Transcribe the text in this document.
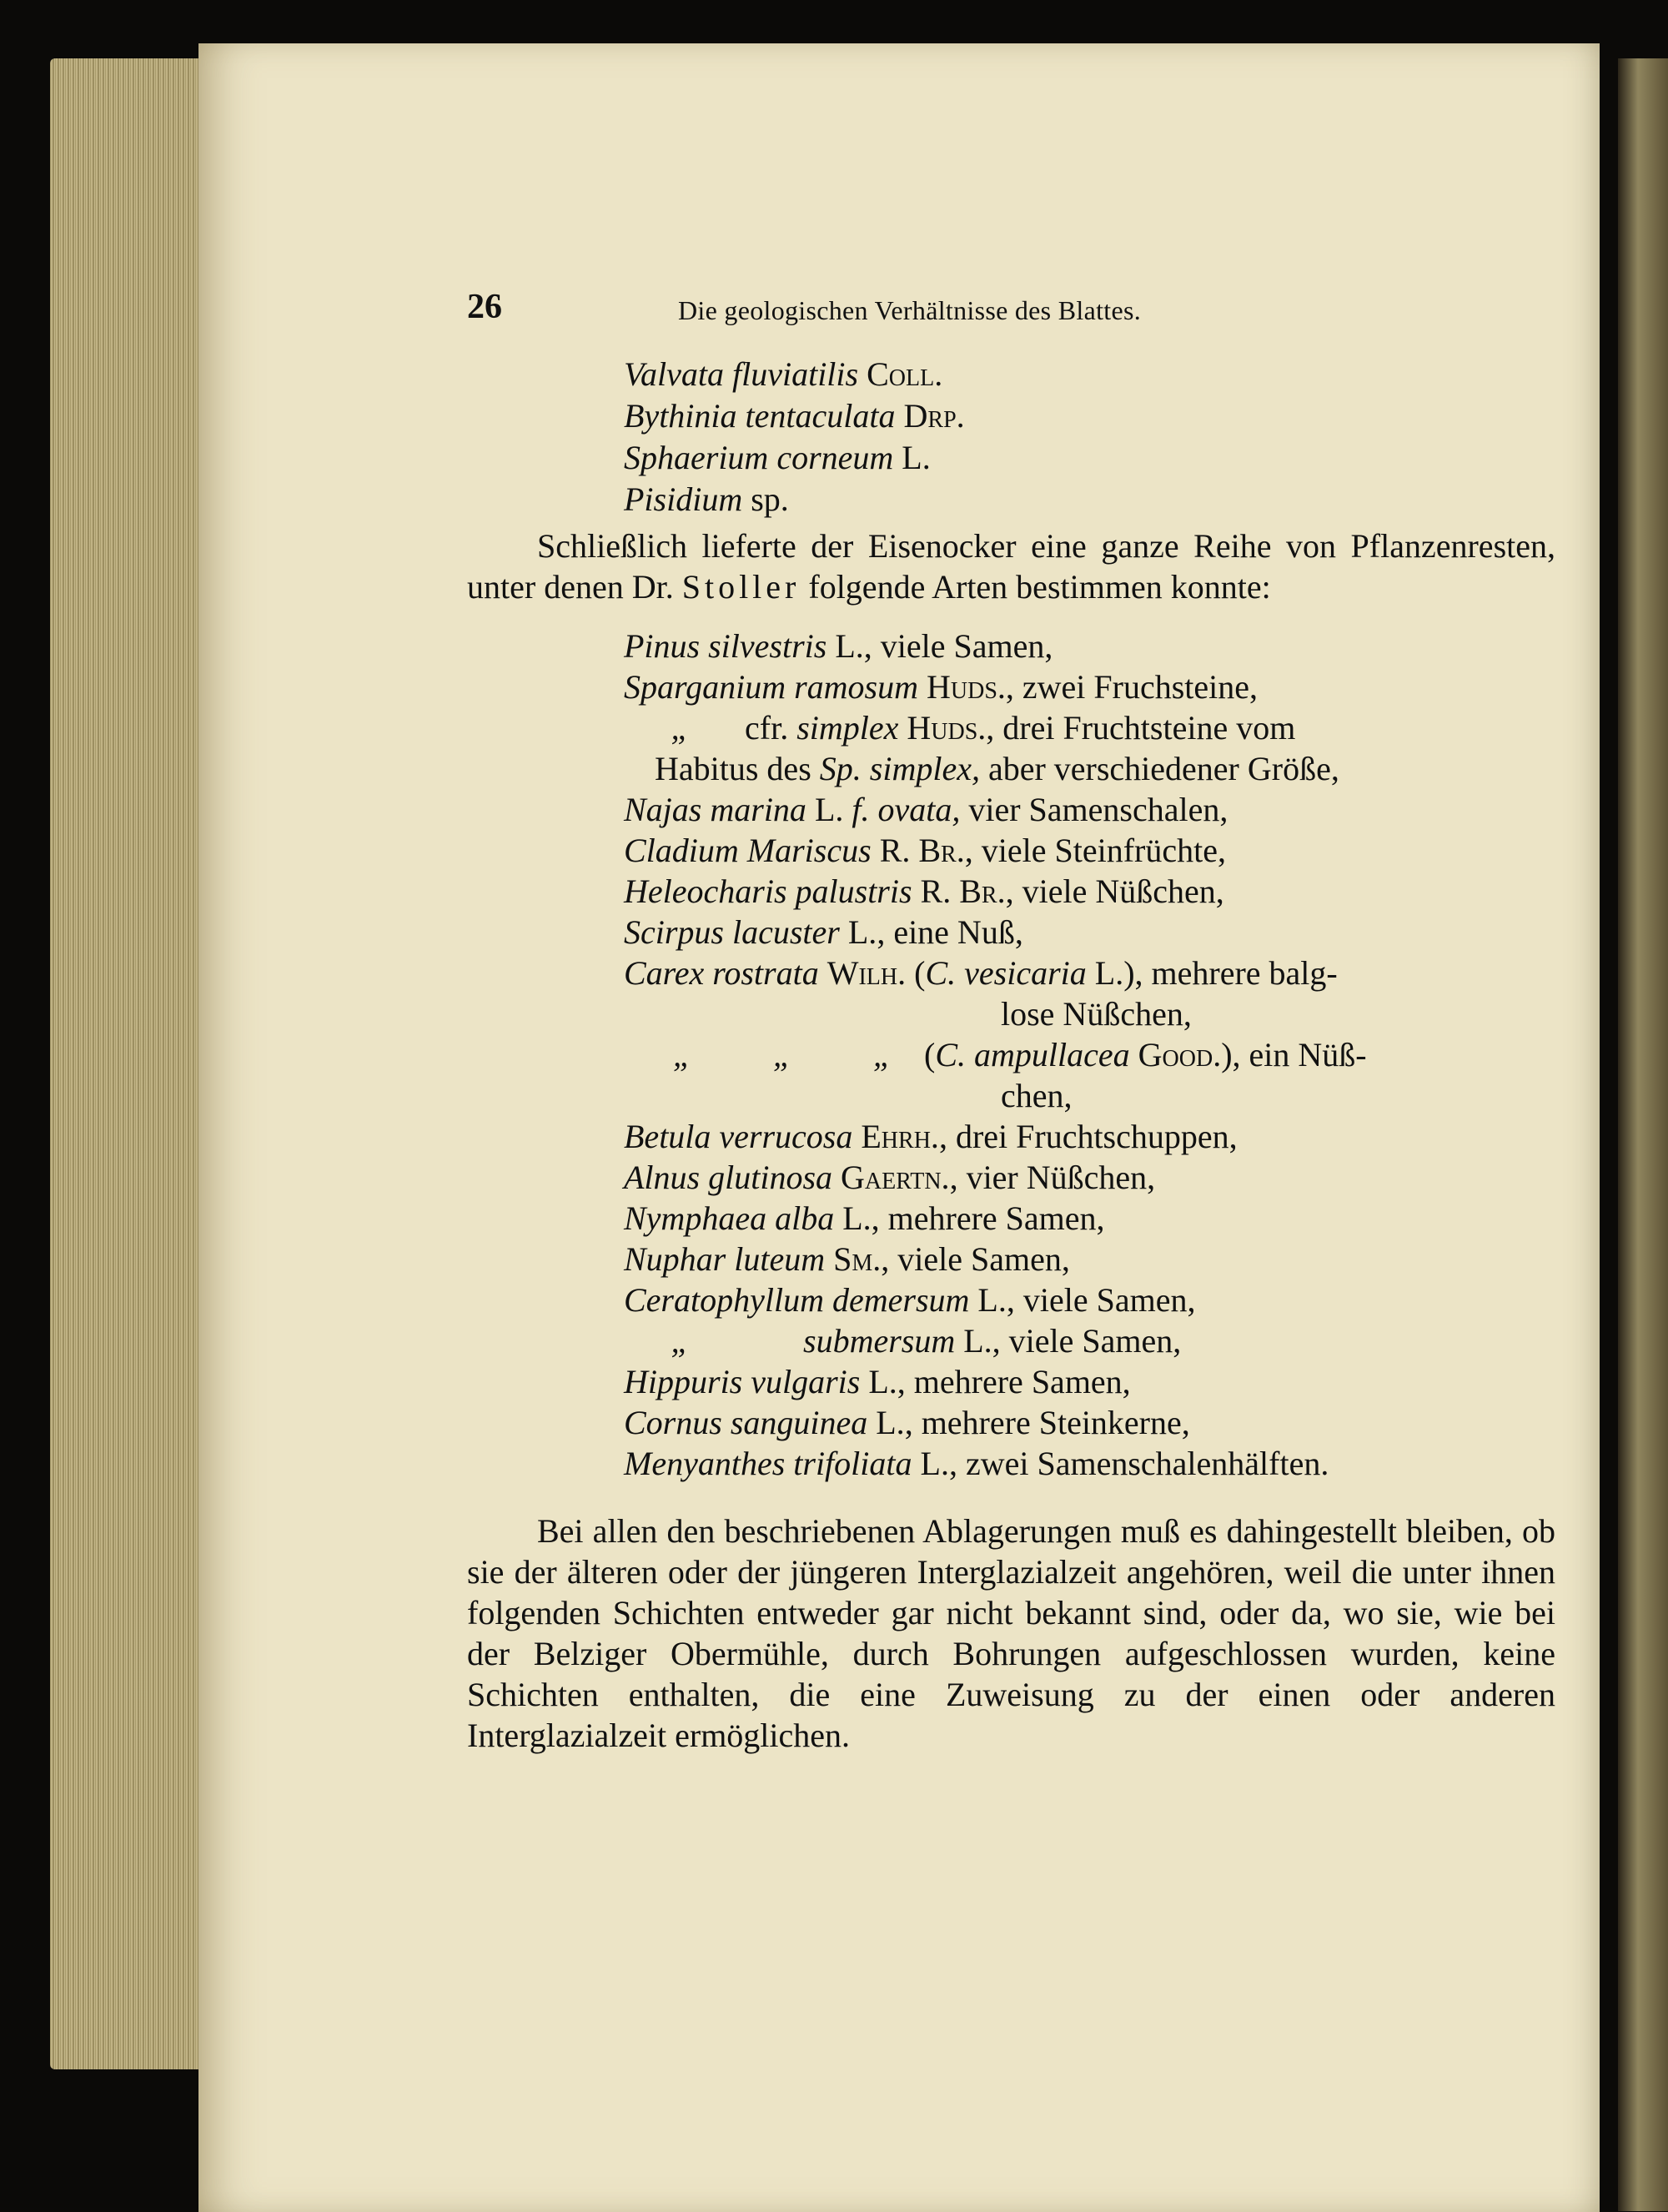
26	Die geologischen Verhältnisse des Blattes.
Valvata fluviatilis Coll.
Bythinia tentaculata Drp.
Sphaerium corneum L.
Pisidium sp.

Schließlich lieferte der Eisenocker eine ganze Reihe von Pflanzenresten, unter denen Dr. Stoller folgende Arten bestimmen konnte:

Pinus silvestris L., viele Samen,
Sparganium ramosum Huds., zwei Fruchsteine,
„ cfr. simplex Huds., drei Fruchtsteine vom
Habitus des Sp. simplex, aber verschiedener Größe,
Najas marina L. f. ovata, vier Samenschalen,
Cladium Mariscus R. Br., viele Steinfrüchte,
Heleocharis palustris R. Br., viele Nüßchen,
Scirpus lacuster L., eine Nuß,
Carex rostrata Wilh. (C. vesicaria L.), mehrere balg-
lose Nüßchen,
„ „ „ (C. ampullacea Good.), ein Nüß-
chen,
Betula verrucosa Ehrh., drei Fruchtschuppen,
Alnus glutinosa Gaertn., vier Nüßchen,
Nymphaea alba L., mehrere Samen,
Nuphar luteum Sm., viele Samen,
Ceratophyllum demersum L., viele Samen,
„	submersum L., viele Samen,
Hippuris vulgaris L., mehrere Samen,
Cornus sanguinea L., mehrere Steinkerne,
Menyanthes trifoliata L., zwei Samenschalenhälften.

Bei allen den beschriebenen Ablagerungen muß es dahingestellt bleiben, ob sie der älteren oder der jüngeren Interglazialzeit angehören, weil die unter ihnen folgenden Schichten entweder gar nicht bekannt sind, oder da, wo sie, wie bei der Belziger Obermühle, durch Bohrungen aufgeschlossen wurden, keine Schichten enthalten, die eine Zuweisung zu der einen oder anderen Interglazialzeit ermöglichen.
